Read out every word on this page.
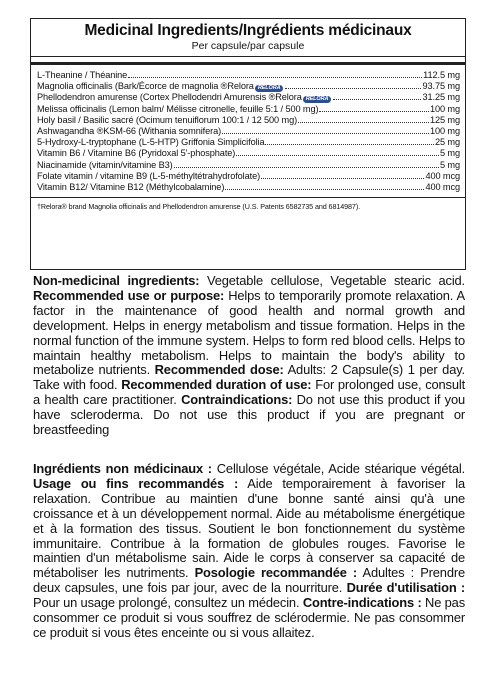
Medicinal Ingredients/Ingrédients médicinaux
Per capsule/par capsule
L-Theanine / Théanine	112.5 mg
Magnolia officinalis (Bark/Écorce de magnolia ®Relora RELORA	93.75 mg
Phellodendron amurense (Cortex Phellodendri Amurensis ®Relora RELORA	31.25 mg
Melissa officinalis (Lemon balm/ Mélisse citronelle, feuille 5:1 / 500 mg)	100 mg
Holy basil / Basilic sacré (Ocimum tenuiflorum 100:1 / 12 500 mg)	125 mg
Ashwagandha ®KSM-66 (Withania somnifera)	100 mg
5-Hydroxy-L-tryptophane (L-5-HTP) Griffonia Simplicifolia	25 mg
Vitamin B6 / Vitamine B6 (Pyridoxal 5'-phosphate)	5 mg
Niacinamide (vitamin/vitamine B3)	5 mg
Folate vitamin / vitamine B9 (L-5-méthyltétrahydrofolate)	400 mcg
Vitamin B12/ Vitamine B12 (Méthylcobalamine)	400 mcg
†Relora® brand Magnolia officinalis and Phellodendron amurense (U.S. Patents 6582735 and 6814987).
Non-medicinal ingredients: Vegetable cellulose, Vegetable stearic acid. Recommended use or purpose: Helps to temporarily promote relaxation. A factor in the maintenance of good health and normal growth and development. Helps in energy metabolism and tissue formation. Helps in the normal function of the immune system. Helps to form red blood cells. Helps to maintain healthy metabolism. Helps to maintain the body's ability to metabolize nutrients. Recommended dose: Adults: 2 Capsule(s) 1 per day. Take with food. Recommended duration of use: For prolonged use, consult a health care practitioner. Contraindications: Do not use this product if you have scleroderma. Do not use this product if you are pregnant or breastfeeding
Ingrédients non médicinaux : Cellulose végétale, Acide stéarique végétal. Usage ou fins recommandés : Aide temporairement à favoriser la relaxation. Contribue au maintien d'une bonne santé ainsi qu'à une croissance et à un développement normal. Aide au métabolisme énergétique et à la formation des tissus. Soutient le bon fonctionnement du système immunitaire. Contribue à la formation de globules rouges. Favorise le maintien d'un métabolisme sain. Aide le corps à conserver sa capacité de métaboliser les nutriments. Posologie recommandée : Adultes : Prendre deux capsules, une fois par jour, avec de la nourriture. Durée d'utilisation : Pour un usage prolongé, consultez un médecin. Contre-indications : Ne pas consommer ce produit si vous souffrez de sclérodermie. Ne pas consommer ce produit si vous êtes enceinte ou si vous allaitez.
